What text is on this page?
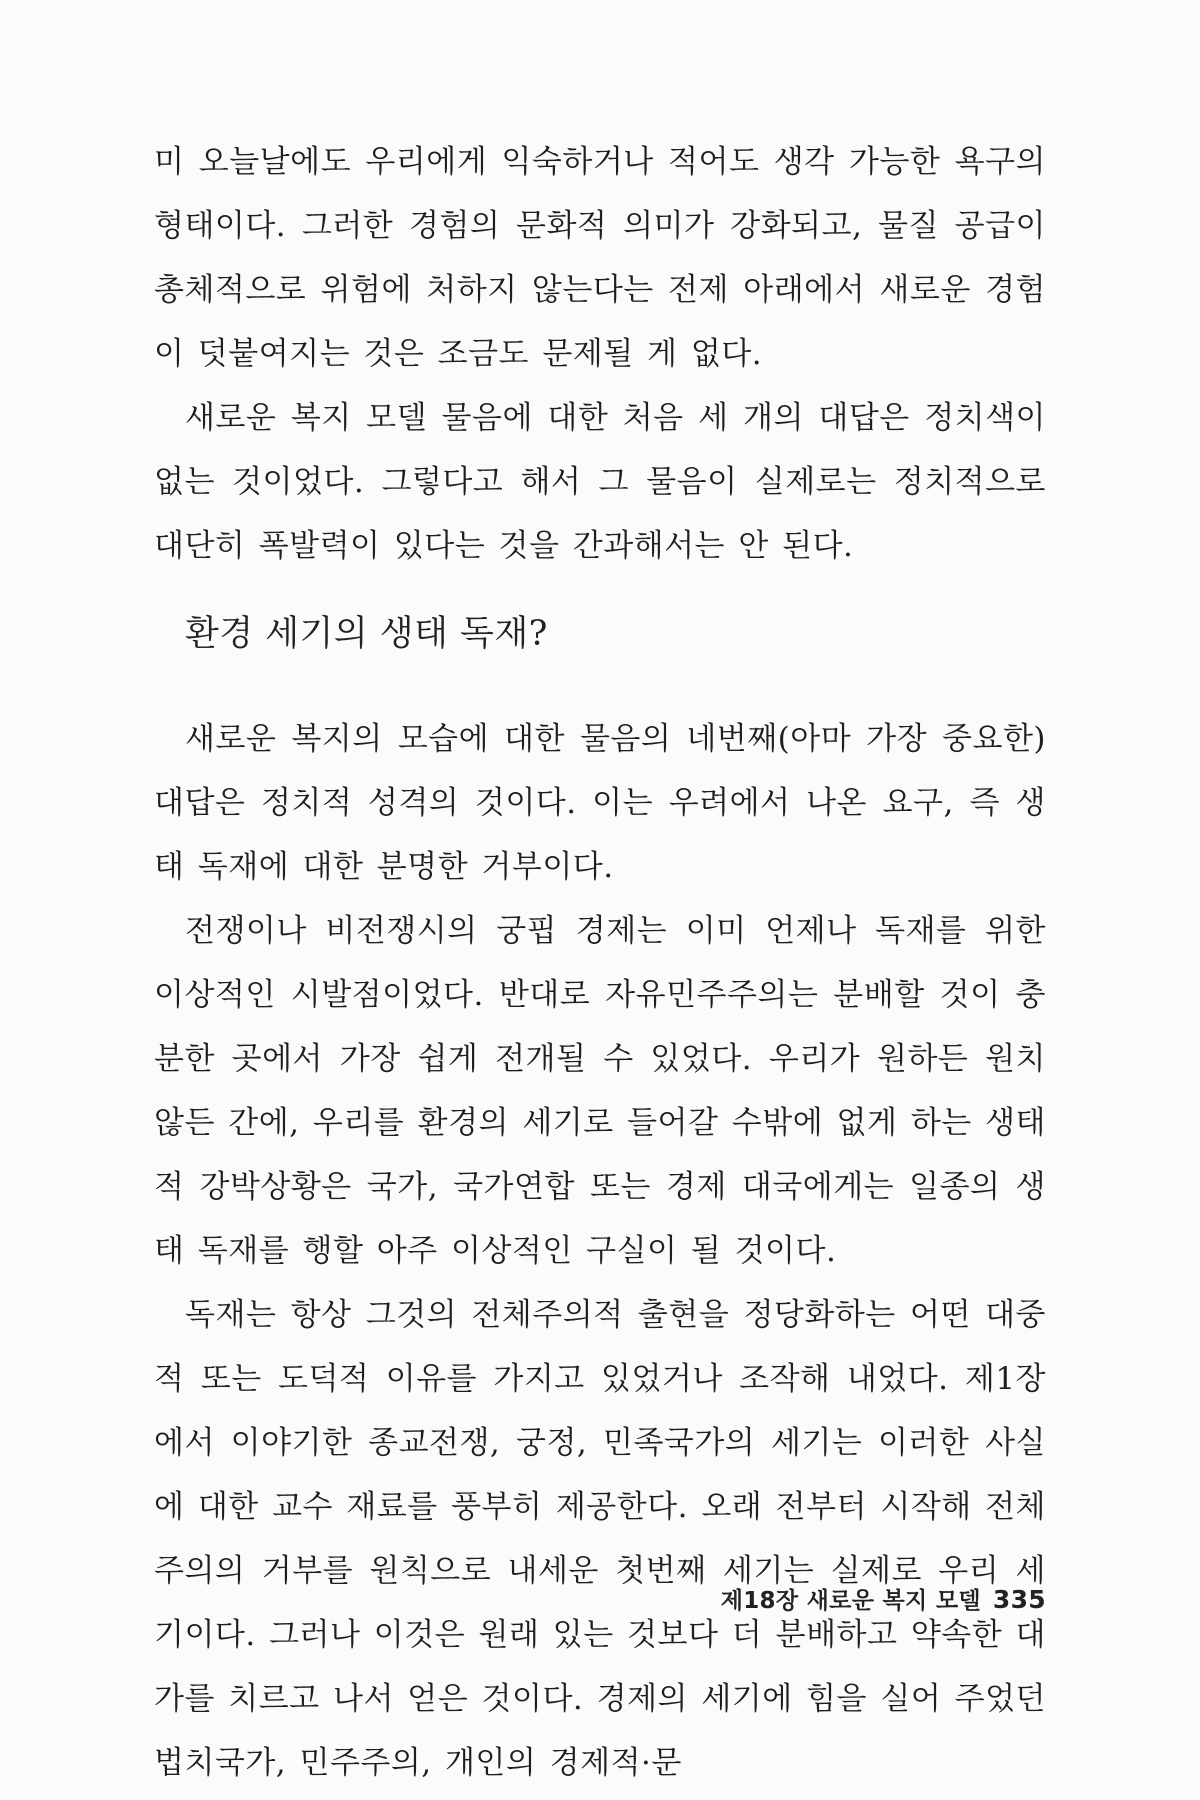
미 오늘날에도 우리에게 익숙하거나 적어도 생각 가능한 욕구의 형태이다. 그러한 경험의 문화적 의미가 강화되고, 물질 공급이 총체적으로 위험에 처하지 않는다는 전제 아래에서 새로운 경험이 덧붙여지는 것은 조금도 문제될 게 없다.

새로운 복지 모델 물음에 대한 처음 세 개의 대답은 정치색이 없는 것이었다. 그렇다고 해서 그 물음이 실제로는 정치적으로 대단히 폭발력이 있다는 것을 간과해서는 안 된다.

환경 세기의 생태 독재?

새로운 복지의 모습에 대한 물음의 네번째(아마 가장 중요한) 대답은 정치적 성격의 것이다. 이는 우려에서 나온 요구, 즉 생태 독재에 대한 분명한 거부이다.

전쟁이나 비전쟁시의 궁핍 경제는 이미 언제나 독재를 위한 이상적인 시발점이었다. 반대로 자유민주주의는 분배할 것이 충분한 곳에서 가장 쉽게 전개될 수 있었다. 우리가 원하든 원치 않든 간에, 우리를 환경의 세기로 들어갈 수밖에 없게 하는 생태적 강박상황은 국가, 국가연합 또는 경제 대국에게는 일종의 생태 독재를 행할 아주 이상적인 구실이 될 것이다.

독재는 항상 그것의 전체주의적 출현을 정당화하는 어떤 대중적 또는 도덕적 이유를 가지고 있었거나 조작해 내었다. 제1장에서 이야기한 종교전쟁, 궁정, 민족국가의 세기는 이러한 사실에 대한 교수 재료를 풍부히 제공한다. 오래 전부터 시작해 전체주의의 거부를 원칙으로 내세운 첫번째 세기는 실제로 우리 세기이다. 그러나 이것은 원래 있는 것보다 더 분배하고 약속한 대가를 치르고 나서 얻은 것이다. 경제의 세기에 힘을 실어 주었던 법치국가, 민주주의, 개인의 경제적·문

제18장 새로운 복지 모델 335
